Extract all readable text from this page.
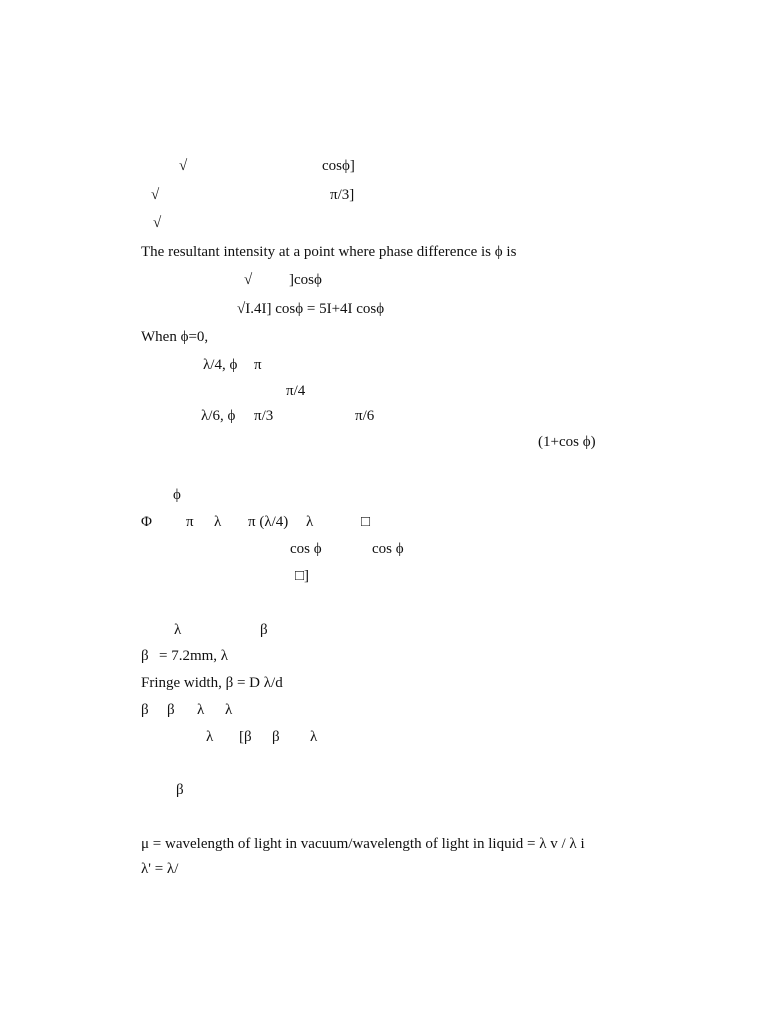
√	cosϕ]
√	π/3]
√
The resultant intensity at a point where phase difference is ϕ is
√ ]cosϕ
√I.4I] cosϕ = 5I+4I cosϕ
When ϕ=0,
λ/4, ϕ π
π/4
λ/6, ϕ π/3	π/6
(1+cos ϕ)
ϕ
Φ π λ π (λ/4) λ	□
cos ϕ	cos ϕ
□]
λ	β
β = 7.2mm, λ
Fringe width, β = D λ/d
β β λ λ
λ [β β λ
β
μ = wavelength of light in vacuum/wavelength of light in liquid = λ v / λ i
λ' = λ/
